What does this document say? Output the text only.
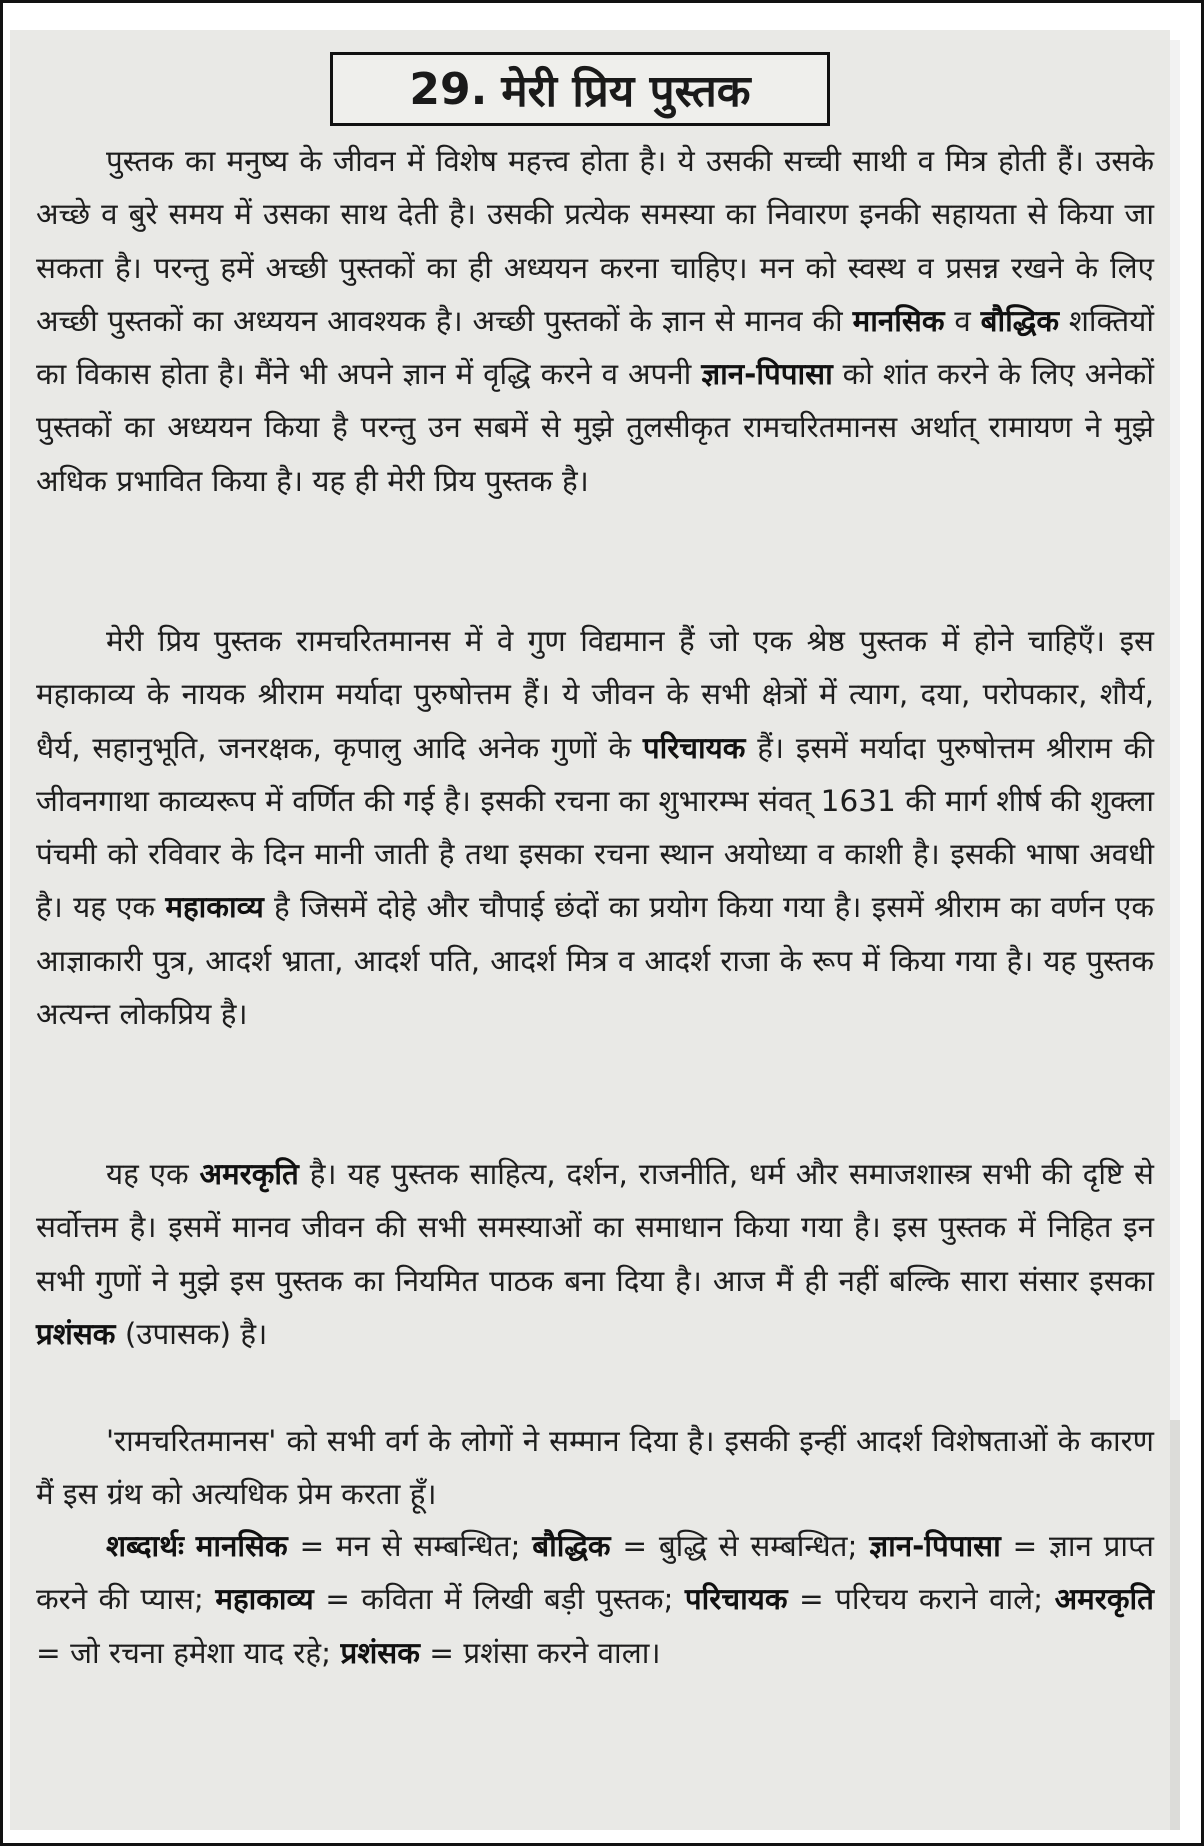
29. मेरी प्रिय पुस्तक

पुस्तक का मनुष्य के जीवन में विशेष महत्त्व होता है। ये उसकी सच्ची साथी व मित्र होती हैं। उसके अच्छे व बुरे समय में उसका साथ देती है। उसकी प्रत्येक समस्या का निवारण इनकी सहायता से किया जा सकता है। परन्तु हमें अच्छी पुस्तकों का ही अध्ययन करना चाहिए। मन को स्वस्थ व प्रसन्न रखने के लिए अच्छी पुस्तकों का अध्ययन आवश्यक है। अच्छी पुस्तकों के ज्ञान से मानव की मानसिक व बौद्धिक शक्तियों का विकास होता है। मैंने भी अपने ज्ञान में वृद्धि करने व अपनी ज्ञान-पिपासा को शांत करने के लिए अनेकों पुस्तकों का अध्ययन किया है परन्तु उन सबमें से मुझे तुलसीकृत रामचरितमानस अर्थात् रामायण ने मुझे अधिक प्रभावित किया है। यह ही मेरी प्रिय पुस्तक है।

मेरी प्रिय पुस्तक रामचरितमानस में वे गुण विद्यमान हैं जो एक श्रेष्ठ पुस्तक में होने चाहिएँ। इस महाकाव्य के नायक श्रीराम मर्यादा पुरुषोत्तम हैं। ये जीवन के सभी क्षेत्रों में त्याग, दया, परोपकार, शौर्य, धैर्य, सहानुभूति, जनरक्षक, कृपालु आदि अनेक गुणों के परिचायक हैं। इसमें मर्यादा पुरुषोत्तम श्रीराम की जीवनगाथा काव्यरूप में वर्णित की गई है। इसकी रचना का शुभारम्भ संवत् 1631 की मार्ग शीर्ष की शुक्ला पंचमी को रविवार के दिन मानी जाती है तथा इसका रचना स्थान अयोध्या व काशी है। इसकी भाषा अवधी है। यह एक महाकाव्य है जिसमें दोहे और चौपाई छंदों का प्रयोग किया गया है। इसमें श्रीराम का वर्णन एक आज्ञाकारी पुत्र, आदर्श भ्राता, आदर्श पति, आदर्श मित्र व आदर्श राजा के रूप में किया गया है। यह पुस्तक अत्यन्त लोकप्रिय है।

यह एक अमरकृति है। यह पुस्तक साहित्य, दर्शन, राजनीति, धर्म और समाजशास्त्र सभी की दृष्टि से सर्वोत्तम है। इसमें मानव जीवन की सभी समस्याओं का समाधान किया गया है। इस पुस्तक में निहित इन सभी गुणों ने मुझे इस पुस्तक का नियमित पाठक बना दिया है। आज मैं ही नहीं बल्कि सारा संसार इसका प्रशंसक (उपासक) है।

'रामचरितमानस' को सभी वर्ग के लोगों ने सम्मान दिया है। इसकी इन्हीं आदर्श विशेषताओं के कारण मैं इस ग्रंथ को अत्यधिक प्रेम करता हूँ।

शब्दार्थः मानसिक = मन से सम्बन्धित; बौद्धिक = बुद्धि से सम्बन्धित; ज्ञान-पिपासा = ज्ञान प्राप्त करने की प्यास; महाकाव्य = कविता में लिखी बड़ी पुस्तक; परिचायक = परिचय कराने वाले; अमरकृति = जो रचना हमेशा याद रहे; प्रशंसक = प्रशंसा करने वाला।
